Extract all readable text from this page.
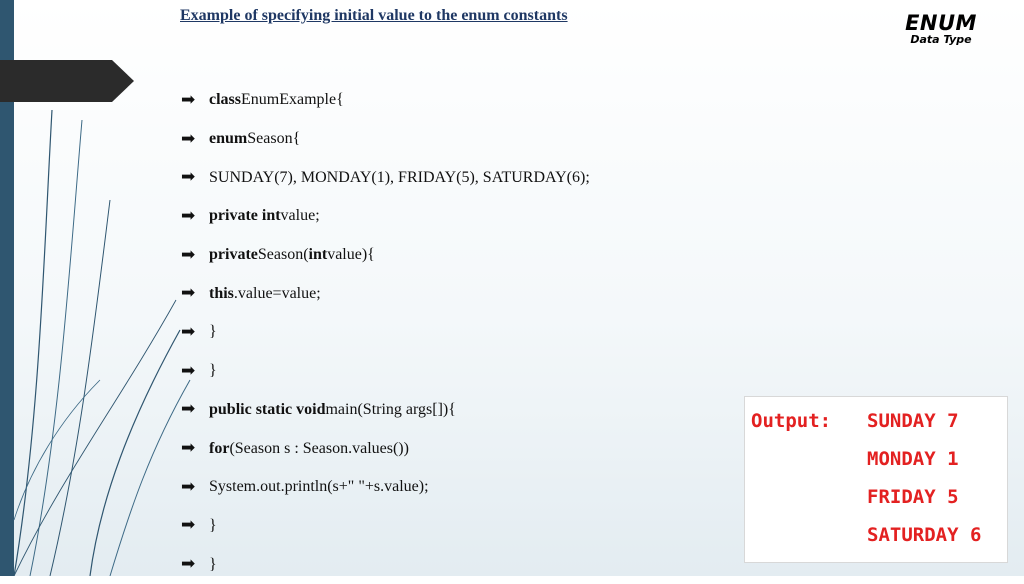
Example of specifying initial value to the enum constants	ENUM
Data Type
➡ class EnumExample{
➡ enum Season{
➡ SUNDAY(7), MONDAY(1), FRIDAY(5), SATURDAY(6);
➡ private int value;
➡ private Season( int value){
➡ this .value=value;
➡ }
➡ }
➡ public static void main(String args[]){
➡ for (Season s : Season.values())
➡ System.out.println(s+" "+s.value);
➡ }
➡ }
Output: SUNDAY 7
MONDAY 1
FRIDAY 5
SATURDAY 6
